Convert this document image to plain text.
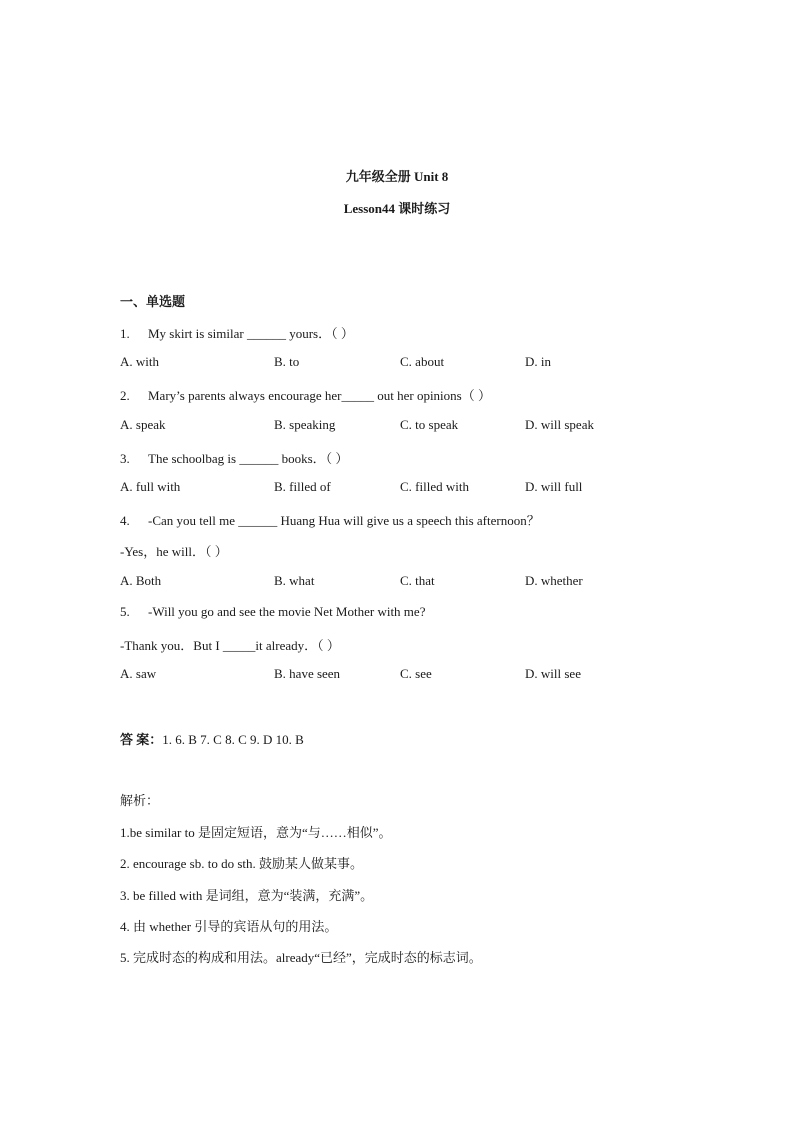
九年级全册 Unit 8
Lesson44 课时练习
一、单选题
1. My skirt is similar ______ yours．（ ）
A. with	B. to	C. about	D. in
2. Mary’s parents always encourage her_____ out her opinions（ ）
A. speak	B. speaking	C. to speak	D. will speak
3. The schoolbag is ______ books．（ ）
A. full with	B. filled of	C. filled with	D. will full
4. -Can you tell me ______ Huang Hua will give us a speech this afternoon？
-Yes，he will．（ ）
A. Both	B. what	C. that	D. whether
5. -Will you go and see the movie Net Mother with me?
-Thank you．But I _____it already．（ ）
A. saw	B. have seen	C. see	D. will see
答 案：1. 6. B 7. C 8. C 9. D 10. B
解析：
1.be similar to 是固定短语，意为“与……相似”。
2. encourage sb. to do sth. 鼓励某人做某事。
3. be filled with 是词组，意为“装满，充满”。
4. 由 whether 引导的宾语从句的用法。
5. 完成时态的构成和用法。already“已经”，完成时态的标志词。
